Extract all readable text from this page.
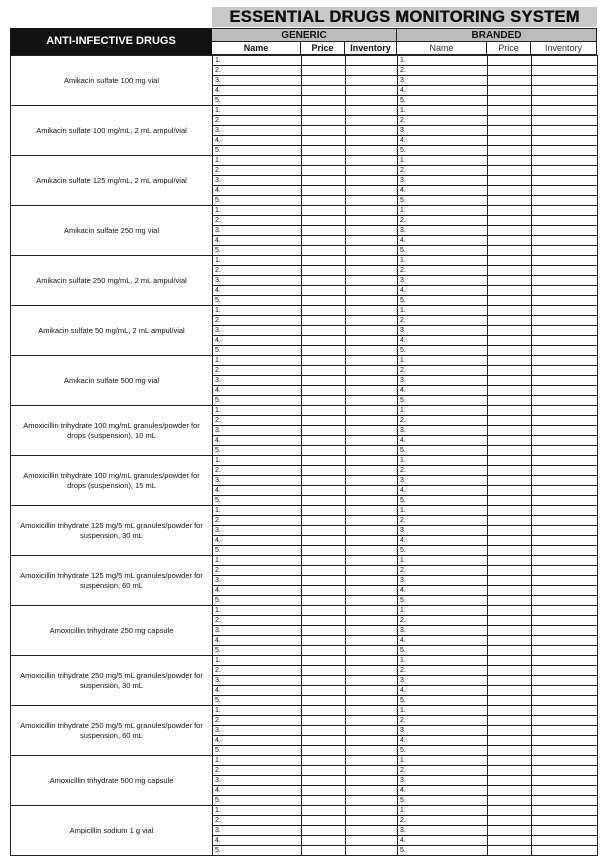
ESSENTIAL DRUGS MONITORING SYSTEM
ANTI-INFECTIVE DRUGS	GENERIC	BRANDED
Name	Price	Inventory	Name	Price	Inventory
Amikacin sulfate 100 mg vial	1.			1.		
	2.			2.		
	3.			3.		
	4.			4.		
	5.			5.		
Amikacin sulfate 100 mg/mL, 2 mL ampul/vial	1.			1.		
	2.			2.		
	3.			3.		
	4.			4.		
	5.			5.		
Amikacin sulfate 125 mg/mL, 2 mL ampul/vial	1.			1.		
	2.			2.		
	3.			3.		
	4.			4.		
	5.			5.		
Amikacin sulfate 250 mg vial	1.			1.		
	2.			2.		
	3.			3.		
	4.			4.		
	5.			5.		
Amikacin sulfate 250 mg/mL, 2 mL ampul/vial	1.			1.		
	2.			2.		
	3.			3.		
	4.			4.		
	5.			5.		
Amikacin sulfate 50 mg/mL, 2 mL ampul/vial	1.			1.		
	2.			2.		
	3.			3.		
	4.			4.		
	5.			5.		
Amikacin sulfate 500 mg vial	1.			1.		
	2.			2.		
	3.			3.		
	4.			4.		
	5.			5.		
Amoxicillin trihydrate 100 mg/mL granules/powder for drops (suspension), 10 mL	1.			1.		
	2.			2.		
	3.			3.		
	4.			4.		
	5.			5.		
Amoxicillin trihydrate 100 mg/mL granules/powder for drops (suspension), 15 mL	1.			1.		
	2.			2.		
	3.			3.		
	4.			4.		
	5.			5.		
Amoxicillin trihydrate 125 mg/5 mL granules/powder for suspension, 30 mL	1.			1.		
	2.			2.		
	3.			3.		
	4.			4.		
	5.			5.		
Amoxicillin trihydrate 125 mg/5 mL granules/powder for suspension, 60 mL	1.			1.		
	2.			2.		
	3.			3.		
	4.			4.		
	5.			5.		
Amoxicillin trihydrate 250 mg capsule	1.			1.		
	2.			2.		
	3.			3.		
	4.			4.		
	5.			5.		
Amoxicillin trihydrate 250 mg/5 mL granules/powder for suspension, 30 mL	1.			1.		
	2.			2.		
	3.			3.		
	4.			4.		
	5.			5.		
Amoxicillin trihydrate 250 mg/5 mL granules/powder for suspension, 60 mL	1.			1.		
	2.			2.		
	3.			3.		
	4.			4.		
	5.			5.		
Amoxicillin trihydrate 500 mg capsule	1.			1.		
	2.			2.		
	3.			3.		
	4.			4.		
	5.			5.		
Ampicillin sodium 1 g vial	1.			1.		
	2.			2.		
	3.			3.		
	4.			4.		
	5.			5.		
